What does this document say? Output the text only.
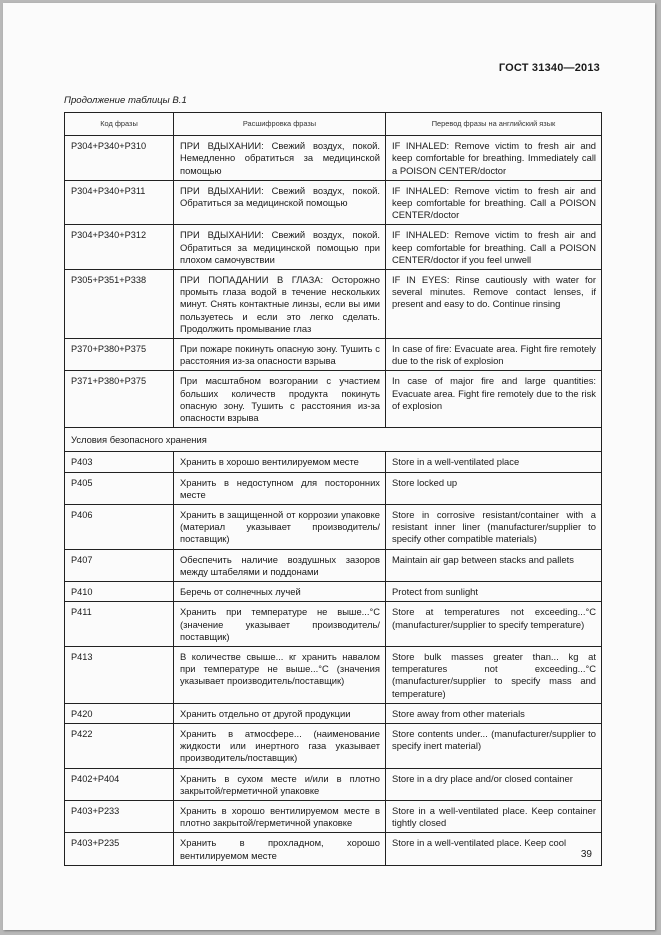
ГОСТ 31340—2013
Продолжение таблицы В.1
Код фразы	Расшифровка фразы	Перевод фразы на английский язык
P304+P340+P310	ПРИ ВДЫХАНИИ: Свежий воздух, покой. Немедленно обратиться за медицинской помощью	IF INHALED: Remove victim to fresh air and keep comfortable for breathing. Immediately call a POISON CENTER/doctor
P304+P340+P311	ПРИ ВДЫХАНИИ: Свежий воздух, покой. Обратиться за медицинской помощью	IF INHALED: Remove victim to fresh air and keep comfortable for breathing. Call a POISON CENTER/doctor
P304+P340+P312	ПРИ ВДЫХАНИИ: Свежий воздух, покой. Обратиться за медицинской помощью при плохом самочувствии	IF INHALED: Remove victim to fresh air and keep comfortable for breathing. Call a POISON CENTER/doctor if you feel unwell
P305+P351+P338	ПРИ ПОПАДАНИИ В ГЛАЗА: Осторожно промыть глаза водой в течение нескольких минут. Снять контактные линзы, если вы ими пользуетесь и если это легко сделать. Продолжить промывание глаз	IF IN EYES: Rinse cautiously with water for several minutes. Remove contact lenses, if present and easy to do. Continue rinsing
P370+P380+P375	При пожаре покинуть опасную зону. Тушить с расстояния из-за опасности взрыва	In case of fire: Evacuate area. Fight fire remotely due to the risk of explosion
P371+P380+P375	При масштабном возгорании с участием больших количеств продукта покинуть опасную зону. Тушить с расстояния из-за опасности взрыва	In case of major fire and large quantities: Evacuate area. Fight fire remotely due to the risk of explosion
Условия безопасного хранения		
P403	Хранить в хорошо вентилируемом месте	Store in a well-ventilated place
P405	Хранить в недоступном для посторонних месте	Store locked up
P406	Хранить в защищенной от коррозии упаковке (материал указывает производитель/поставщик)	Store in corrosive resistant/container with a resistant inner liner (manufacturer/supplier to specify other compatible materials)
P407	Обеспечить наличие воздушных зазоров между штабелями и поддонами	Maintain air gap between stacks and pallets
P410	Беречь от солнечных лучей	Protect from sunlight
P411	Хранить при температуре не выше...°С (значение указывает производитель/поставщик)	Store at temperatures not exceeding...°C (manufacturer/supplier to specify temperature)
P413	В количестве свыше... кг хранить навалом при температуре не выше...°С (значения указывает производитель/поставщик)	Store bulk masses greater than... kg at temperatures not exceeding...°C (manufacturer/supplier to specify mass and temperature)
P420	Хранить отдельно от другой продукции	Store away from other materials
P422	Хранить в атмосфере... (наименование жидкости или инертного газа указывает производитель/поставщик)	Store contents under... (manufacturer/supplier to specify inert material)
P402+P404	Хранить в сухом месте и/или в плотно закрытой/герметичной упаковке	Store in a dry place and/or closed container
P403+P233	Хранить в хорошо вентилируемом месте в плотно закрытой/герметичной упаковке	Store in a well-ventilated place. Keep container tightly closed
P403+P235	Хранить в прохладном, хорошо вентилируемом месте	Store in a well-ventilated place. Keep cool
39
